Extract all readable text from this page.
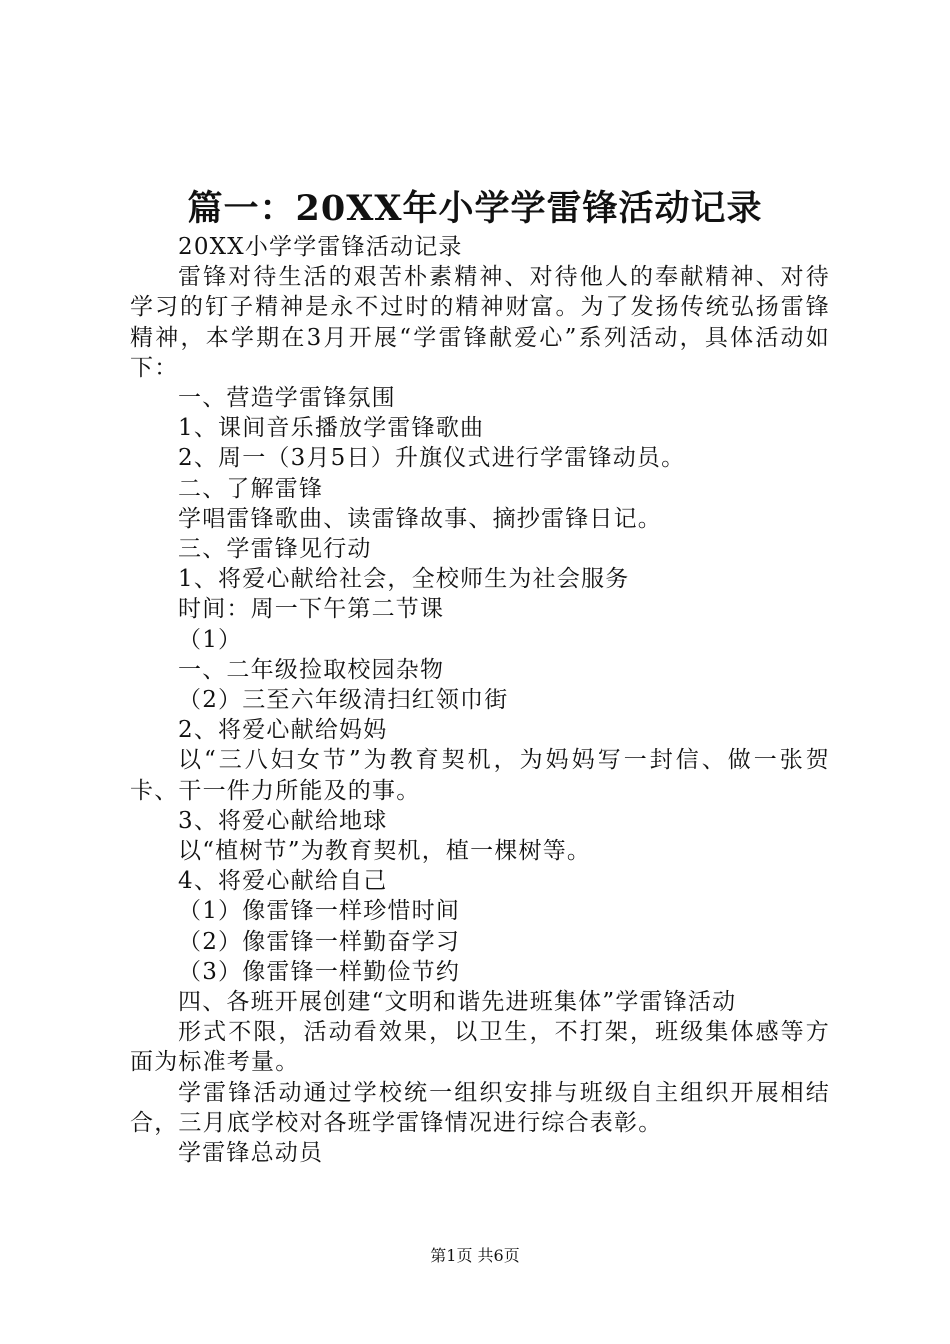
篇一：20XX年小学学雷锋活动记录

20XX小学学雷锋活动记录

雷锋对待生活的艰苦朴素精神、对待他人的奉献精神、对待学习的钉子精神是永不过时的精神财富。为了发扬传统弘扬雷锋精神，本学期在3月开展“学雷锋献爱心”系列活动，具体活动如下：

一、营造学雷锋氛围

1、课间音乐播放学雷锋歌曲

2、周一（3月5日）升旗仪式进行学雷锋动员。

二、了解雷锋

学唱雷锋歌曲、读雷锋故事、摘抄雷锋日记。

三、学雷锋见行动

1、将爱心献给社会，全校师生为社会服务

时间：周一下午第二节课

（1）

一、二年级捡取校园杂物

（2）三至六年级清扫红领巾街

2、将爱心献给妈妈

以“三八妇女节”为教育契机，为妈妈写一封信、做一张贺卡、干一件力所能及的事。

3、将爱心献给地球

以“植树节”为教育契机，植一棵树等。

4、将爱心献给自己

（1）像雷锋一样珍惜时间

（2）像雷锋一样勤奋学习

（3）像雷锋一样勤俭节约

四、各班开展创建“文明和谐先进班集体”学雷锋活动

形式不限，活动看效果，以卫生，不打架，班级集体感等方面为标准考量。

学雷锋活动通过学校统一组织安排与班级自主组织开展相结合，三月底学校对各班学雷锋情况进行综合表彰。

学雷锋总动员

第1页 共6页
